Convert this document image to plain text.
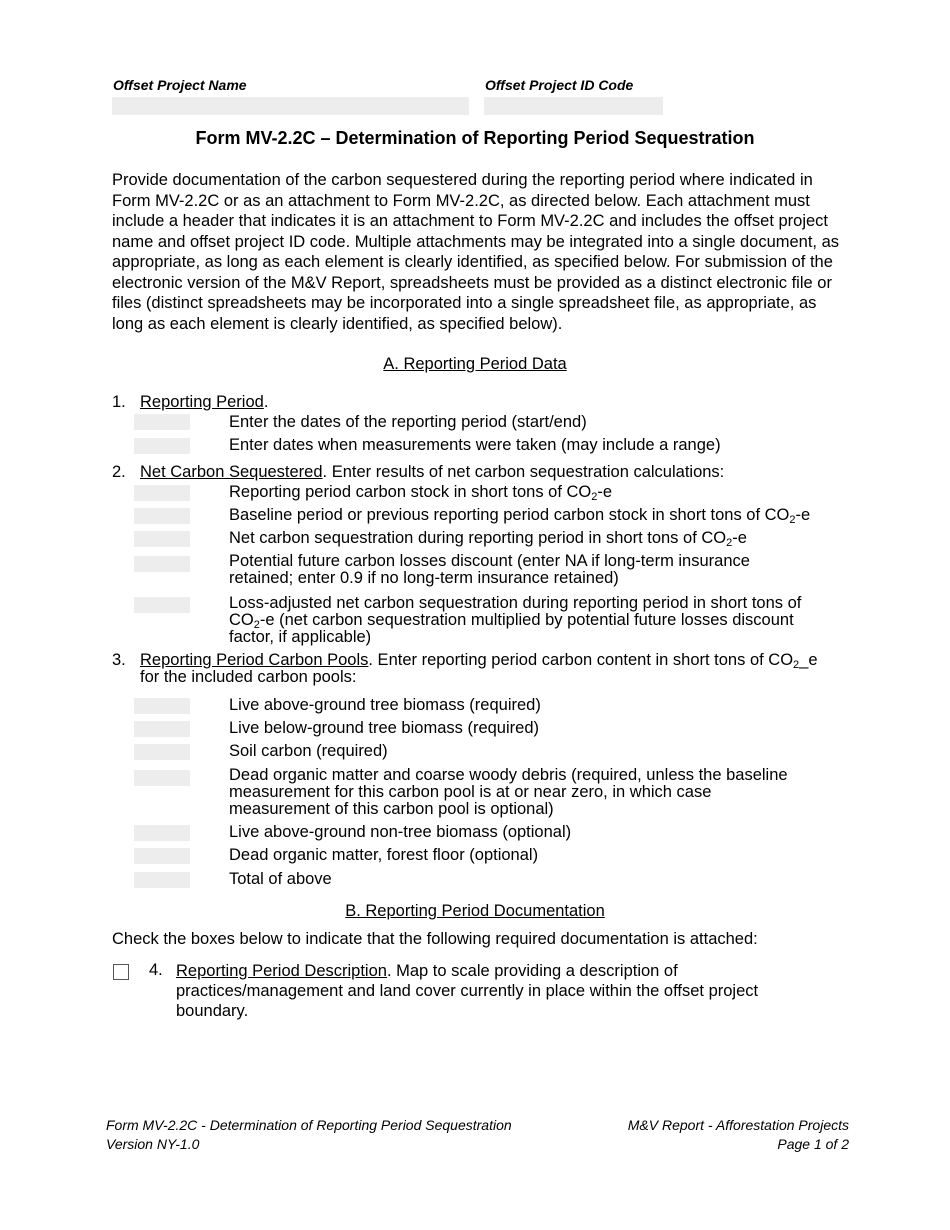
Offset Project Name	Offset Project ID Code
Form MV-2.2C – Determination of Reporting Period Sequestration
Provide documentation of the carbon sequestered during the reporting period where indicated in Form MV-2.2C or as an attachment to Form MV-2.2C, as directed below. Each attachment must include a header that indicates it is an attachment to Form MV-2.2C and includes the offset project name and offset project ID code. Multiple attachments may be integrated into a single document, as appropriate, as long as each element is clearly identified, as specified below. For submission of the electronic version of the M&V Report, spreadsheets must be provided as a distinct electronic file or files (distinct spreadsheets may be incorporated into a single spreadsheet file, as appropriate, as long as each element is clearly identified, as specified below).
A. Reporting Period Data
1. Reporting Period.
Enter the dates of the reporting period (start/end)
Enter dates when measurements were taken (may include a range)
2. Net Carbon Sequestered. Enter results of net carbon sequestration calculations:
Reporting period carbon stock in short tons of $CO_2-e$
Baseline period or previous reporting period carbon stock in short tons of $CO_2-e$
Net carbon sequestration during reporting period in short tons of $CO_2-e$
Potential future carbon losses discount (enter NA if long-term insurance retained; enter 0.9 if no long-term insurance retained)
Loss-adjusted net carbon sequestration during reporting period in short tons of $CO_2-e$ (net carbon sequestration multiplied by potential future losses discount factor, if applicable)
3. Reporting Period Carbon Pools. Enter reporting period carbon content in short tons of $CO_2\_e$ for the included carbon pools:
Live above-ground tree biomass (required)
Live below-ground tree biomass (required)
Soil carbon (required)
Dead organic matter and coarse woody debris (required, unless the baseline measurement for this carbon pool is at or near zero, in which case measurement of this carbon pool is optional)
Live above-ground non-tree biomass (optional)
Dead organic matter, forest floor (optional)
Total of above
B. Reporting Period Documentation
Check the boxes below to indicate that the following required documentation is attached:
4. Reporting Period Description. Map to scale providing a description of practices/management and land cover currently in place within the offset project boundary.
Form MV-2.2C - Determination of Reporting Period Sequestration
Version NY-1.0
M&V Report - Afforestation Projects
Page 1 of 2
